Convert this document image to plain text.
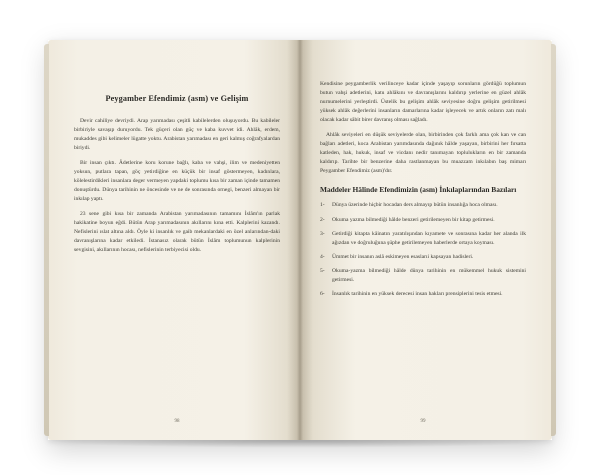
Peygamber Efendimiz (asm) ve Gelişim

Devir cahiliye devriydi. Arap yarımadası çeşitli kabilelerden oluşuyordu. Bu kabileler birbiriyle savaşıp duruyordu. Tek güçeri olan güç ve kaba kuvvet idi. Ahlâk, erdem, mukaddes gibi kelimeler lügatte yoktu. Arabistan yarımadası en geri kalmış coğrafyalardan biriydi.

Bir insan çıktı. Âdetlerine koru korune bağlı, kaba ve vahşi, ilim ve medeniyetten yoksun, putlara tapan, göç yetirdiğine en küçük bir insaf göstermeyen, kadınlara, kölelestirdikleri insanlara deger vermeyen yapdaki toplumu kısa bir zaman içinde tamamen donuştürdu. Dünya tarihinin ne öncesinde ve ne de sonrasında ornegi, benzeri almayan bir inkılap yaptı.

23 sene gibi kısa bir zamanda Arabistan yarımadasının tamamını İslâm'ın parlak hakikatine boyun eğdi. Bütün Arap yarımadasının akıllarını kına etti. Kalplerini kazandı. Nefislerini ıslat altına aldı. Öyle ki insanlık ve gaib mekanlardaki en özel anlarından-daki davranışlarına kadar etkiledi. İstanasız olarak bütün İslâm toplumunun kalplerinin sevgisini, akıllarının hocası, nefislerinin terbiyecisi oldu.

98

Kendisine peygamberlik verilinceye kadar içinde yaşayıp sorunların gördüğü toplumun butun vahşi adetlerini, katu ahlâkını ve davranışlarını kaldırıp yerlerine en güzel ahlâk nurnumelerini yerleştirdi. Üstelik bu gelişim ahlâk seviyesine doğru gelişim getirilmesi yüksek ahlâk değerlerini insanların damarlarına kadar işleyecek ve artık onların zatı malı olacak kadar sâbit birer davranış olması sağladı.

Ahlâk seviyeleri en düşük seviyelerde olan, birbirinden çok farklı ama çok kan ve can bağları adetleri, koca Arabistan yarımdasında dağınık hâlde yaşayan, birbirini her fırsatta katleden, hak, hukuk, insaf ve vicdanı nedir tanımayan toplulukların en bir zamanda kaldırıp. Tarihte bir benzerine daha rastlanmayan bu muazzam inkılabın baş mimarı Peygamber Efendimiz (asm)'dır.

Maddeler Hâlinde Efendimizin (asm) İnkılaplarından Bazıları
Dünya üzerinde hiçbir hocadan ders almayıp bütün insanlığa hoca olması.
Okuma yazma bilmediği hâlde benzeri getirilemeyen bir kitap getirmesi.
Getirdiği kitapta kâinatın yaratılışından kıyamete ve sonrasına kadar her alanda ilk ağızdan ve doğruluğuna şüphe getirilemeyen haberlerde ortaya koyması.
Ümmet bir insanın aslâ eskimeyen esaslarıi kapsayan hadisleri.
Okuma-yazma bilmediği hâlde dünya tarihinin en mükemmel hukuk sistemini getirmesi.
İnsanlık tarihinin en yüksek derecesi insan hakları prensiplerini tesis etmesi.
99
